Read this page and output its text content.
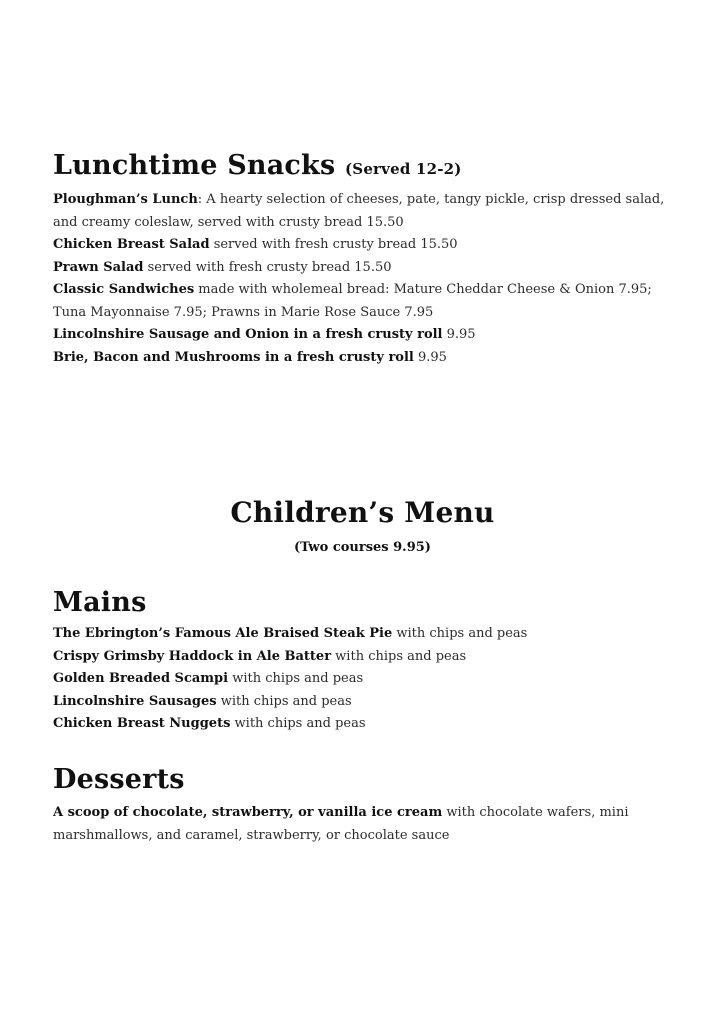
Lunchtime Snacks (Served 12-2)
Ploughman’s Lunch: A hearty selection of cheeses, pate, tangy pickle, crisp dressed salad, and creamy coleslaw, served with crusty bread 15.50
Chicken Breast Salad served with fresh crusty bread 15.50
Prawn Salad served with fresh crusty bread 15.50
Classic Sandwiches made with wholemeal bread: Mature Cheddar Cheese & Onion 7.95; Tuna Mayonnaise 7.95; Prawns in Marie Rose Sauce 7.95
Lincolnshire Sausage and Onion in a fresh crusty roll 9.95
Brie, Bacon and Mushrooms in a fresh crusty roll 9.95
Children’s Menu
(Two courses 9.95)
Mains
The Ebrington’s Famous Ale Braised Steak Pie with chips and peas
Crispy Grimsby Haddock in Ale Batter with chips and peas
Golden Breaded Scampi with chips and peas
Lincolnshire Sausages with chips and peas
Chicken Breast Nuggets with chips and peas
Desserts
A scoop of chocolate, strawberry, or vanilla ice cream with chocolate wafers, mini marshmallows, and caramel, strawberry, or chocolate sauce
